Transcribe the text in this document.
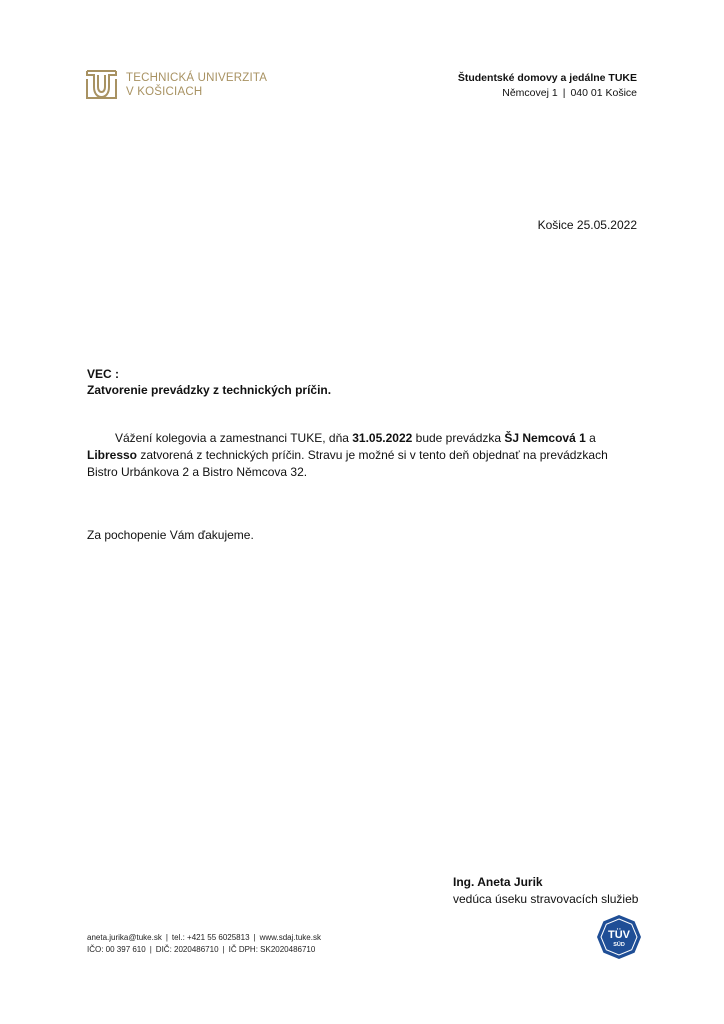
TECHNICKÁ UNIVERZITA
V KOŠICIACH
Študentské domovy a jedálne TUKE
Němcovej 1 | 040 01 Košice
Košice 25.05.2022
VEC :
Zatvorenie prevádzky z technických príčin.

Vážení kolegovia a zamestnanci TUKE, dňa 31.05.2022 bude prevádzka ŠJ Nemcová 1 a Libresso zatvorená z technických príčin. Stravu je možné si v tento deň objednať na prevádzkach Bistro Urbánkova 2 a Bistro Němcova 32.

Za pochopenie Vám ďakujeme.
Ing. Aneta Jurik
vedúca úseku stravovacích služieb
aneta.jurika@tuke.sk | tel.: +421 55 6025813 | www.sdaj.tuke.sk
IČO: 00 397 610 | DIČ: 2020486710 | IČ DPH: SK2020486710
TÜV
SÜD
